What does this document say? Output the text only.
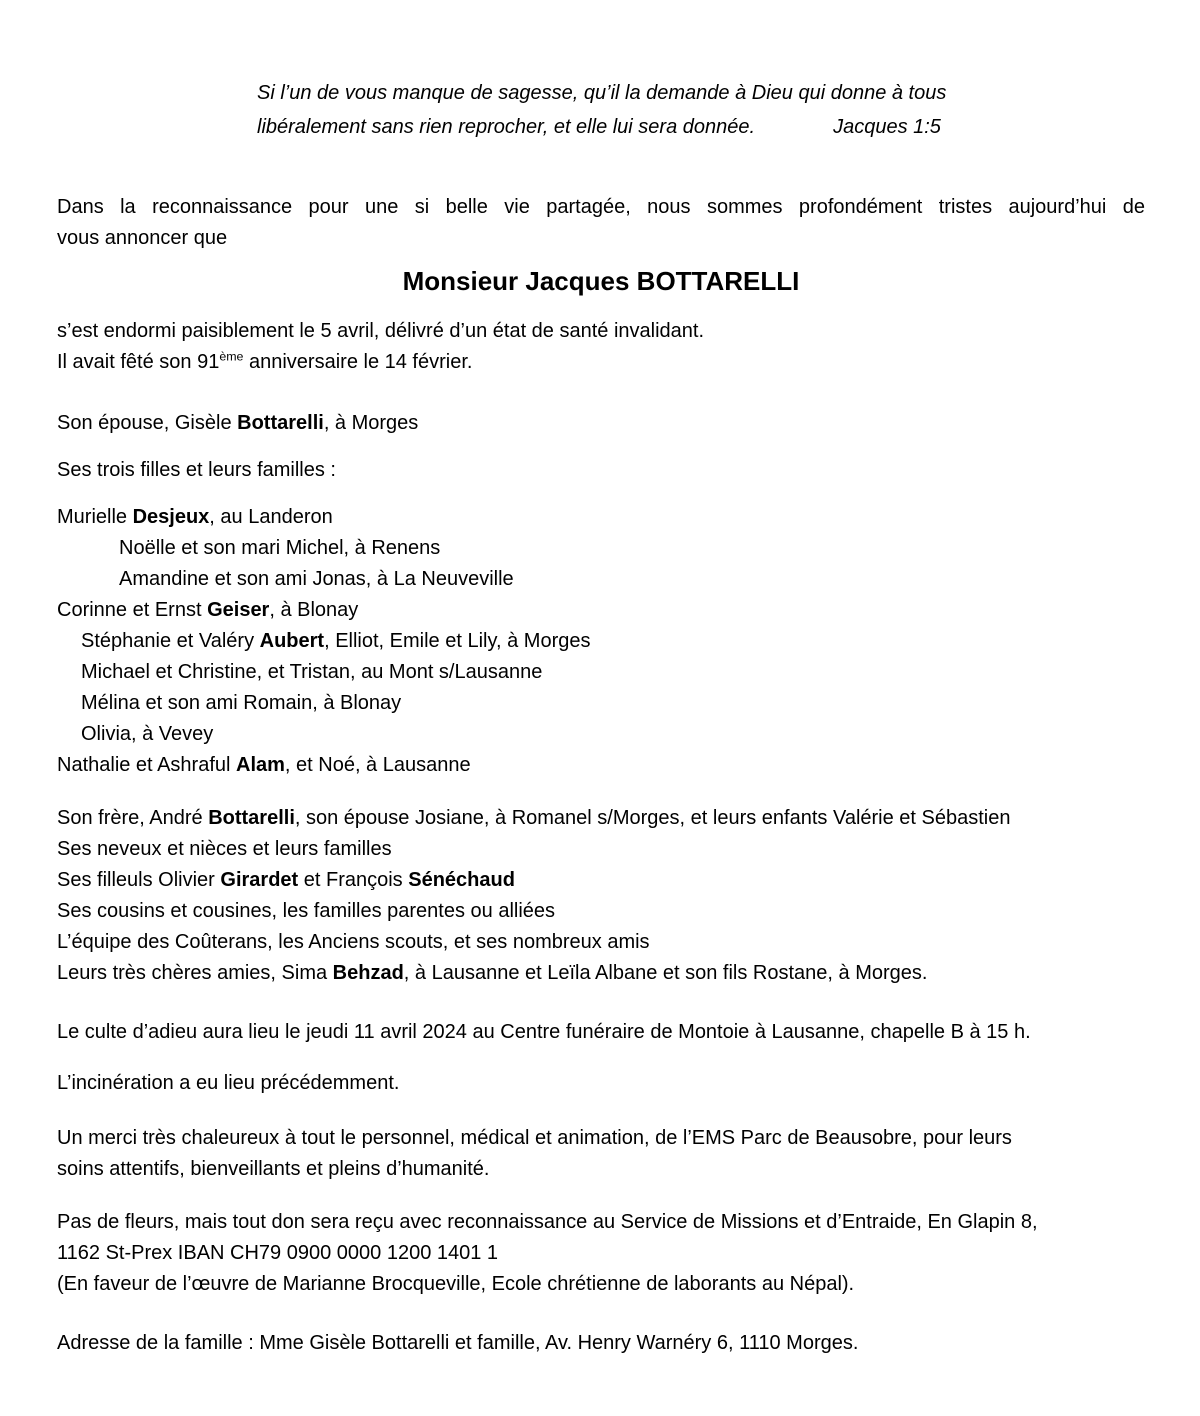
Si l’un de vous manque de sagesse, qu’il la demande à Dieu qui donne à tous
libéralement sans rien reprocher, et elle lui sera donnée.	Jacques 1:5
Dans la reconnaissance pour une si belle vie partagée, nous sommes profondément tristes aujourd’hui de
vous annoncer que
Monsieur Jacques BOTTARELLI
s’est endormi paisiblement le 5 avril, délivré d’un état de santé invalidant.
Il avait fêté son 91ème anniversaire le 14 février.
Son épouse, Gisèle Bottarelli, à Morges
Ses trois filles et leurs familles :
Murielle Desjeux, au Landeron
Noëlle et son mari Michel, à Renens
Amandine et son ami Jonas, à La Neuveville
Corinne et Ernst Geiser, à Blonay
Stéphanie et Valéry Aubert, Elliot, Emile et Lily, à Morges
Michael et Christine, et Tristan, au Mont s/Lausanne
Mélina et son ami Romain, à Blonay
Olivia, à Vevey
Nathalie et Ashraful Alam, et Noé, à Lausanne
Son frère, André Bottarelli, son épouse Josiane, à Romanel s/Morges, et leurs enfants Valérie et Sébastien
Ses neveux et nièces et leurs familles
Ses filleuls Olivier Girardet et François Sénéchaud
Ses cousins et cousines, les familles parentes ou alliées
L’équipe des Coûterans, les Anciens scouts, et ses nombreux amis
Leurs très chères amies, Sima Behzad, à Lausanne et Leïla Albane et son fils Rostane, à Morges.
Le culte d’adieu aura lieu le jeudi 11 avril 2024 au Centre funéraire de Montoie à Lausanne, chapelle B à 15 h.
L’incinération a eu lieu précédemment.
Un merci très chaleureux à tout le personnel, médical et animation, de l’EMS Parc de Beausobre, pour leurs
soins attentifs, bienveillants et pleins d’humanité.
Pas de fleurs, mais tout don sera reçu avec reconnaissance au Service de Missions et d’Entraide, En Glapin 8,
1162 St-Prex IBAN CH79 0900 0000 1200 1401 1
(En faveur de l’œuvre de Marianne Brocqueville, Ecole chrétienne de laborants au Népal).
Adresse de la famille : Mme Gisèle Bottarelli et famille, Av. Henry Warnéry 6, 1110 Morges.
